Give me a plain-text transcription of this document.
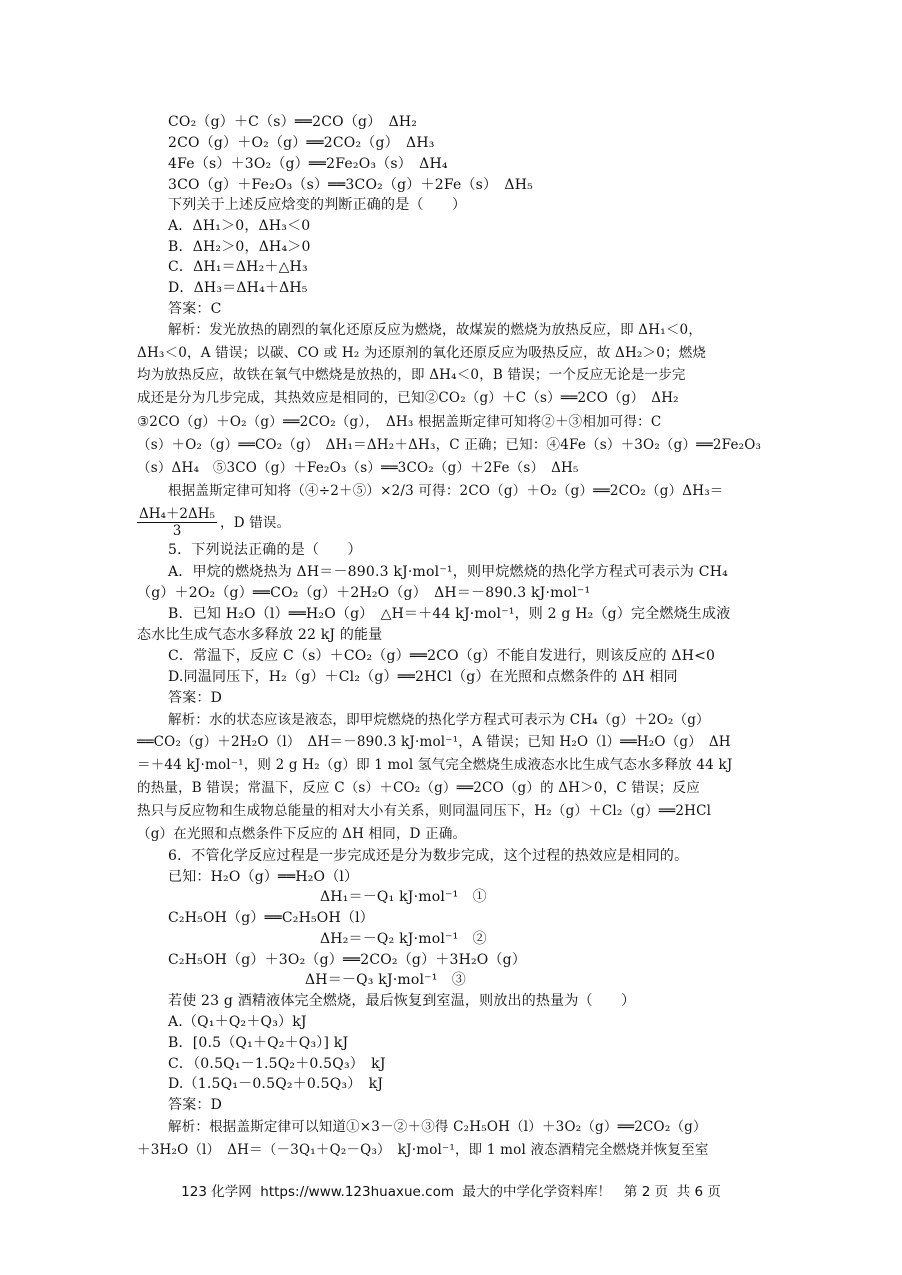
CO₂（g）＋C（s）══2CO（g）　ΔH₂
2CO（g）＋O₂（g）══2CO₂（g）　ΔH₃
4Fe（s）＋3O₂（g）══2Fe₂O₃（s）　ΔH₄
3CO（g）＋Fe₂O₃（s）══3CO₂（g）＋2Fe（s）　ΔH₅
下列关于上述反应焓变的判断正确的是（　　）
A．ΔH₁＞0，ΔH₃＜0
B．ΔH₂＞0，ΔH₄＞0
C．ΔH₁＝ΔH₂＋△H₃
D．ΔH₃＝ΔH₄＋ΔH₅
答案：C
解析：发光放热的剧烈的氧化还原反应为燃烧，故煤炭的燃烧为放热反应，即 ΔH₁＜0，
ΔH₃＜0，A 错误；以碳、CO 或 H₂ 为还原剂的氧化还原反应为吸热反应，故 ΔH₂＞0；燃烧
均为放热反应，故铁在氧气中燃烧是放热的，即 ΔH₄＜0，B 错误；一个反应无论是一步完
成还是分为几步完成，其热效应是相同的，已知②CO₂（g）＋C（s）══2CO（g）　ΔH₂
③2CO（g）＋O₂（g）══2CO₂（g），　ΔH₃ 根据盖斯定律可知将②＋③相加可得：C
（s）＋O₂（g）══CO₂（g）　ΔH₁＝ΔH₂＋ΔH₃，C 正确；已知：④4Fe（s）＋3O₂（g）══2Fe₂O₃
（s）ΔH₄　⑤3CO（g）＋Fe₂O₃（s）══3CO₂（g）＋2Fe（s）　ΔH₅
根据盖斯定律可知将（④÷2＋⑤）×2/3 可得：2CO（g）＋O₂（g）══2CO₂（g）ΔH₃＝
$\frac{\text{ΔH₄＋2ΔH₅}}{3}$ ，D 错误。
5．下列说法正确的是（　　）
A．甲烷的燃烧热为 ΔH＝－890.3 kJ·mol⁻¹，则甲烷燃烧的热化学方程式可表示为 CH₄
（g）＋2O₂（g）══CO₂（g）＋2H₂O（g）　ΔH＝－890.3 kJ·mol⁻¹
B．已知 H₂O（l）══H₂O（g）　△H＝＋44 kJ·mol⁻¹，则 2 g H₂（g）完全燃烧生成液
态水比生成气态水多释放 22 kJ 的能量
C．常温下，反应 C（s）＋CO₂（g）══2CO（g）不能自发进行，则该反应的 ΔH<0
D.同温同压下，H₂（g）＋Cl₂（g）══2HCl（g）在光照和点燃条件的 ΔH 相同
答案：D
解析：水的状态应该是液态，即甲烷燃烧的热化学方程式可表示为 CH₄（g）＋2O₂（g）
══CO₂（g）＋2H₂O（l）　ΔH＝－890.3 kJ·mol⁻¹，A 错误；已知 H₂O（l）══H₂O（g）　ΔH
＝＋44 kJ·mol⁻¹，则 2 g H₂（g）即 1 mol 氢气完全燃烧生成液态水比生成气态水多释放 44 kJ
的热量，B 错误；常温下，反应 C（s）＋CO₂（g）══2CO（g）的 ΔH＞0，C 错误；反应
热只与反应物和生成物总能量的相对大小有关系，则同温同压下，H₂（g）＋Cl₂（g）══2HCl
（g）在光照和点燃条件下反应的 ΔH 相同，D 正确。
6．不管化学反应过程是一步完成还是分为数步完成，这个过程的热效应是相同的。
已知：H₂O（g）══H₂O（l）
ΔH₁＝－Q₁ kJ·mol⁻¹　①
C₂H₅OH（g）══C₂H₅OH（l）
ΔH₂＝－Q₂ kJ·mol⁻¹　②
C₂H₅OH（g）＋3O₂（g）══2CO₂（g）＋3H₂O（g）
ΔH＝－Q₃ kJ·mol⁻¹　③
若使 23 g 酒精液体完全燃烧，最后恢复到室温，则放出的热量为（　　）
A.（Q₁＋Q₂＋Q₃）kJ
B．[0.5（Q₁＋Q₂＋Q₃）] kJ
C．（0.5Q₁－1.5Q₂＋0.5Q₃）　kJ
D.（1.5Q₁－0.5Q₂＋0.5Q₃）　kJ
答案：D
解析：根据盖斯定律可以知道①×3－②＋③得 C₂H₅OH（l）＋3O₂（g）══2CO₂（g）
＋3H₂O（l）　ΔH＝（－3Q₁＋Q₂－Q₃）　kJ·mol⁻¹，即 1 mol 液态酒精完全燃烧并恢复至室
123 化学网  https://www.123huaxue.com  最大的中学化学资料库！   第 2 页  共 6 页
